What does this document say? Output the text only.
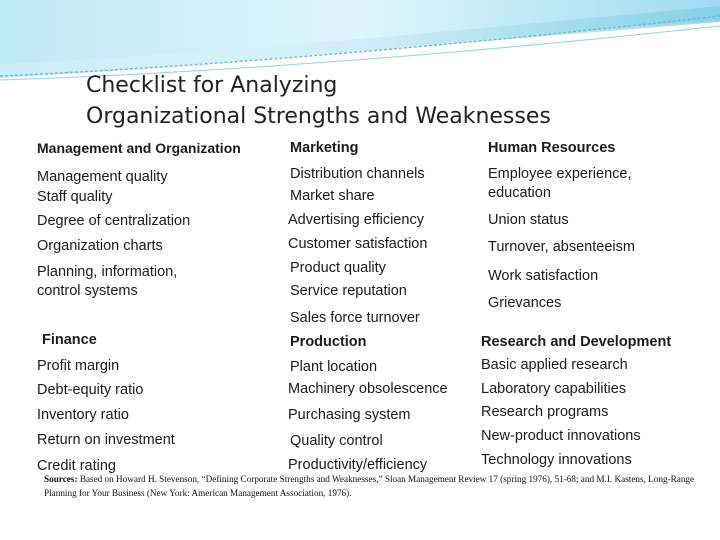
Checklist for Analyzing
Organizational Strengths and Weaknesses
Management and Organization
Management quality
Staff quality
Degree of centralization
Organization charts
Planning, information,
control systems
Marketing
Distribution channels
Market share
Advertising efficiency
Customer satisfaction
Product quality
Service reputation
Sales force turnover
Human Resources
Employee experience,
education
Union status
Turnover, absenteeism
Work satisfaction
Grievances
Finance
Profit margin
Debt-equity ratio
Inventory ratio
Return on investment
Credit rating
Production
Plant location
Machinery obsolescence
Purchasing system
Quality control
Productivity/efficiency
Research and Development
Basic applied research
Laboratory capabilities
Research programs
New-product innovations
Technology innovations
Sources: Based on Howard H. Stevenson, “Defining Corporate Strengths and Weaknesses,” Sloan Management Review 17 (spring 1976), 51-68; and M.I. Kastens, Long-Range Planning for Your Business (New York: American Management Association, 1976).
